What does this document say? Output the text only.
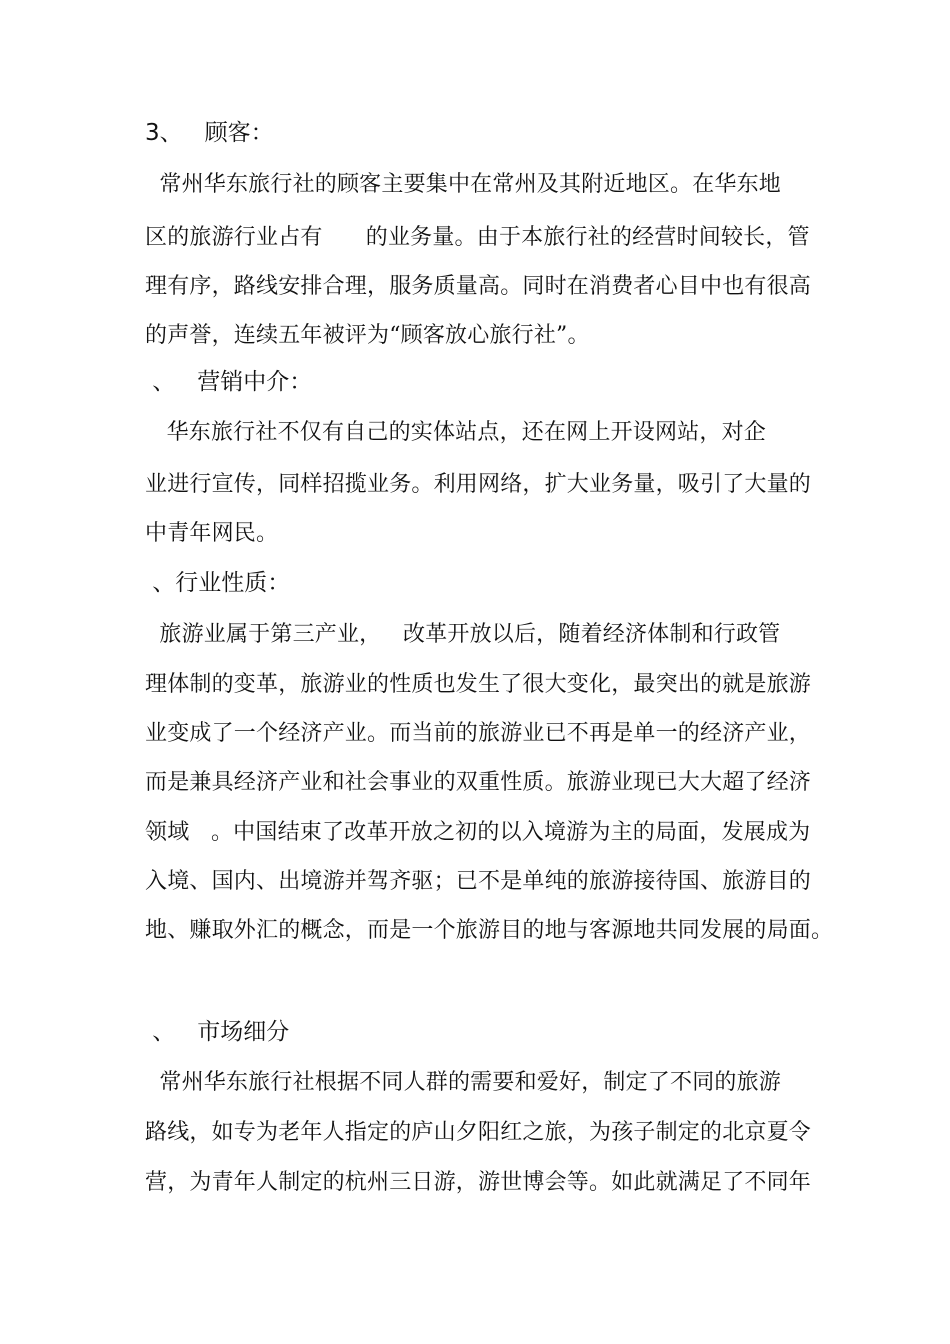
3、   顾客：
常州华东旅行社的顾客主要集中在常州及其附近地区。在华东地
区的旅游行业占有      的业务量。由于本旅行社的经营时间较长，管
理有序，路线安排合理，服务质量高。同时在消费者心目中也有很高
的声誉，连续五年被评为“顾客放心旅行社”。
、   营销中介：
华东旅行社不仅有自己的实体站点，还在网上开设网站，对企
业进行宣传，同样招揽业务。利用网络，扩大业务量，吸引了大量的
中青年网民。
、行业性质：
旅游业属于第三产业，   改革开放以后，随着经济体制和行政管
理体制的变革，旅游业的性质也发生了很大变化，最突出的就是旅游
业变成了一个经济产业。而当前的旅游业已不再是单一的经济产业，
而是兼具经济产业和社会事业的双重性质。旅游业现已大大超了经济
领域   。中国结束了改革开放之初的以入境游为主的局面，发展成为
入境、国内、出境游并驾齐驱；已不是单纯的旅游接待国、旅游目的
地、赚取外汇的概念，而是一个旅游目的地与客源地共同发展的局面。
、   市场细分
常州华东旅行社根据不同人群的需要和爱好，制定了不同的旅游
路线，如专为老年人指定的庐山夕阳红之旅，为孩子制定的北京夏令
营，为青年人制定的杭州三日游，游世博会等。如此就满足了不同年
